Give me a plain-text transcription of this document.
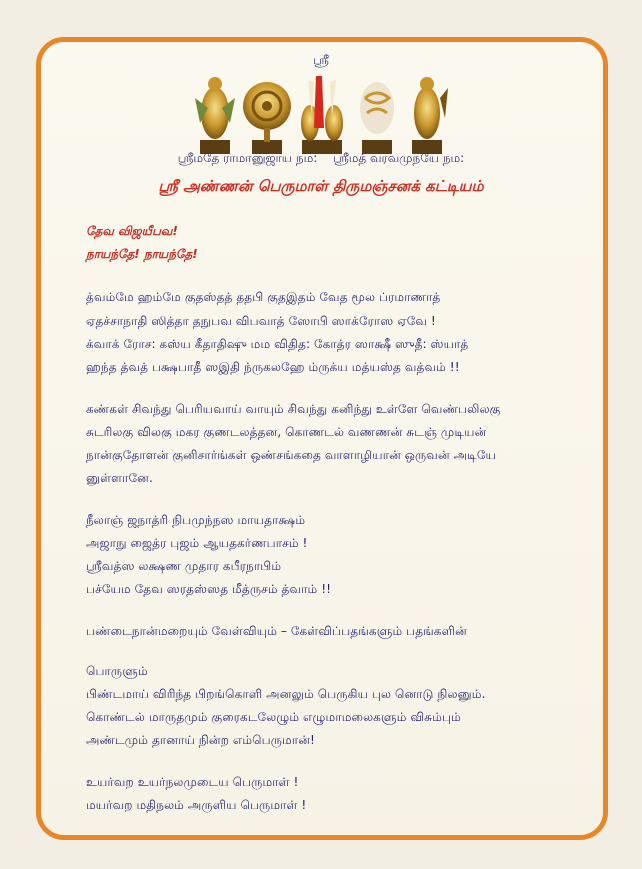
ஸ்ரீ
ஸ்ரீமதே ராமானுஜாய நம: ஸ்ரீமத் வரவமுநயே நம:
ஸ்ரீ அண்ணன் பெருமாள் திருமஞ்சனக் கட்டியம்
தேவ விஜயீபவ!
நாயந்தே! நாயந்தே!
த்வம்மே ஹம்மே குதஸ்தத் ததபி குதஇதம் வேத மூல ப்ரமாணாத்
ஏதச்சாநாதி ஸித்தா தநுபவ விபவாத் ஸோபி ஸாக்ரோஸ ஏவே !
க்வாக் ரோச: கஸ்ய கீதாதிஷு மம விதித: கோத்ர ஸாக்ஷீ ஸுதீ: ஸ்யாத்
ஹந்த த்வத் பக்ஷபாதீ ஸஇதி ந்ருகலஹே ம்ருக்ய மத்யஸ்த வத்வம் !!
கண்கள் சிவந்து பெரியவாய் வாயும் சிவந்து கனிந்து உள்ளே வெண்பலிலகு
சுடரிலகு விலகு மகர குணடலத்தன, கொணடல் வணணன் சுடஞ் முடியன்
நான்குதோளன் குனிசார்ங்கள் ஒண்சங்கதை வாளாழியான் ஒருவன் அடியே
னுள்ளானே.
நீலாஞ் ஜநாத்ரி நிபமுந்நஸ மாயதாக்ஷம்
அஜாநு ஜைத்ர புஜம் ஆயதகர்ணபாசம் !
ஸ்ரீவத்ஸ லக்ஷண முதார கபீரநாபிம்
பச்யேம தேவ ஸரதஸ்ஸத மீத்ருசம் த்வாம் !!
பண்டைநான்மறையும் வேள்வியும் – கேள்விப்பதங்களும் பதங்களின்
பொருளும்
பிண்டமாய் விரிந்த பிறங்கொளி அனலும் பெருகிய புல னொடு நிலனும்.
கொண்டல் மாருதமும் குரைகடலேழும் எழுமாமலைகளும் விசும்பும்
அண்டமும் தானாய் நின்ற எம்பெருமான்!
உயர்வற உயர்நலமுடைய பெருமாள் !
மயர்வற மதிநலம் அருளிய பெருமாள் !
